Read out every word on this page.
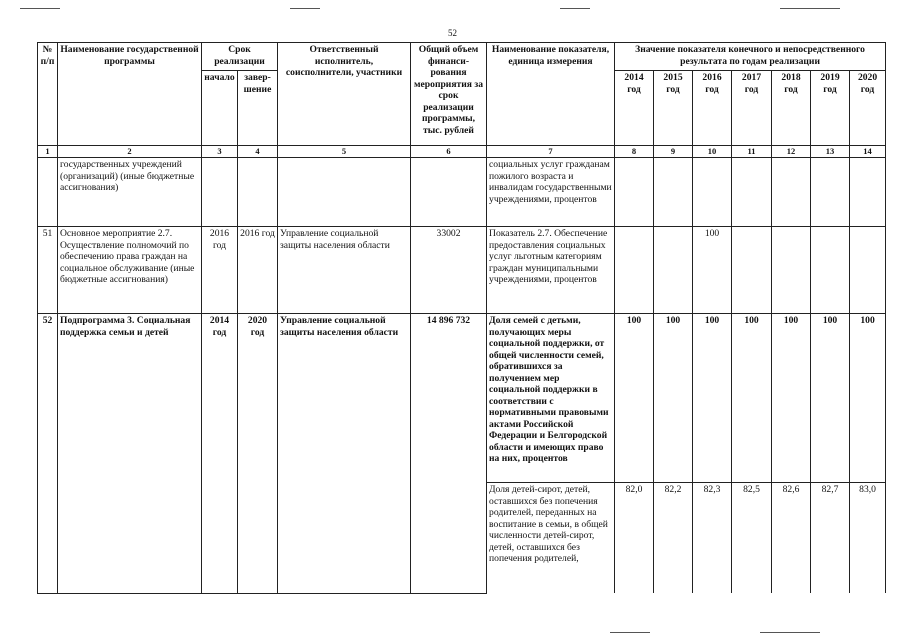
52
№
п/п	Наименование государственной программы	Срок реализации		Ответственный исполнитель, соисполнители, участники	Общий объем финанси-рования мероприятия за срок реализации программы, тыс. рублей	Наименование показателя, единица измерения	Значение показателя конечного и непосредственного результата по годам реализации						
		начало	завер-шение				2014 год	2015 год	2016 год	2017 год	2018 год	2019 год	2020 год
1	2	3	4	5	6	7	8	9	10	11	12	13	14
	государственных учреждений (организаций) (иные бюджетные ассигнования)					социальных услуг гражданам пожилого возраста и инвалидам государственными учреждениями, процентов							
51	Основное мероприятие 2.7. Осуществление полномочий по обеспечению права граждан на социальное обслуживание (иные бюджетные ассигнования)	2016 год	2016 год	Управление социальной защиты населения области	33002	Показатель 2.7. Обеспечение предоставления социальных услуг льготным категориям граждан муниципальными учреждениями, процентов			100				
52	Подпрограмма 3. Социальная поддержка семьи и детей	2014 год	2020 год	Управление социальной защиты населения области	14 896 732	Доля семей с детьми, получающих меры социальной поддержки, от общей численности семей, обратившихся за получением мер социальной поддержки в соответствии с нормативными правовыми актами Российской Федерации и Белгородской области и имеющих право на них, процентов	100	100	100	100	100	100	100
						Доля детей-сирот, детей, оставшихся без попечения родителей, переданных на воспитание в семьи, в общей численности детей-сирот, детей, оставшихся без попечения родителей,	82,0	82,2	82,3	82,5	82,6	82,7	83,0
